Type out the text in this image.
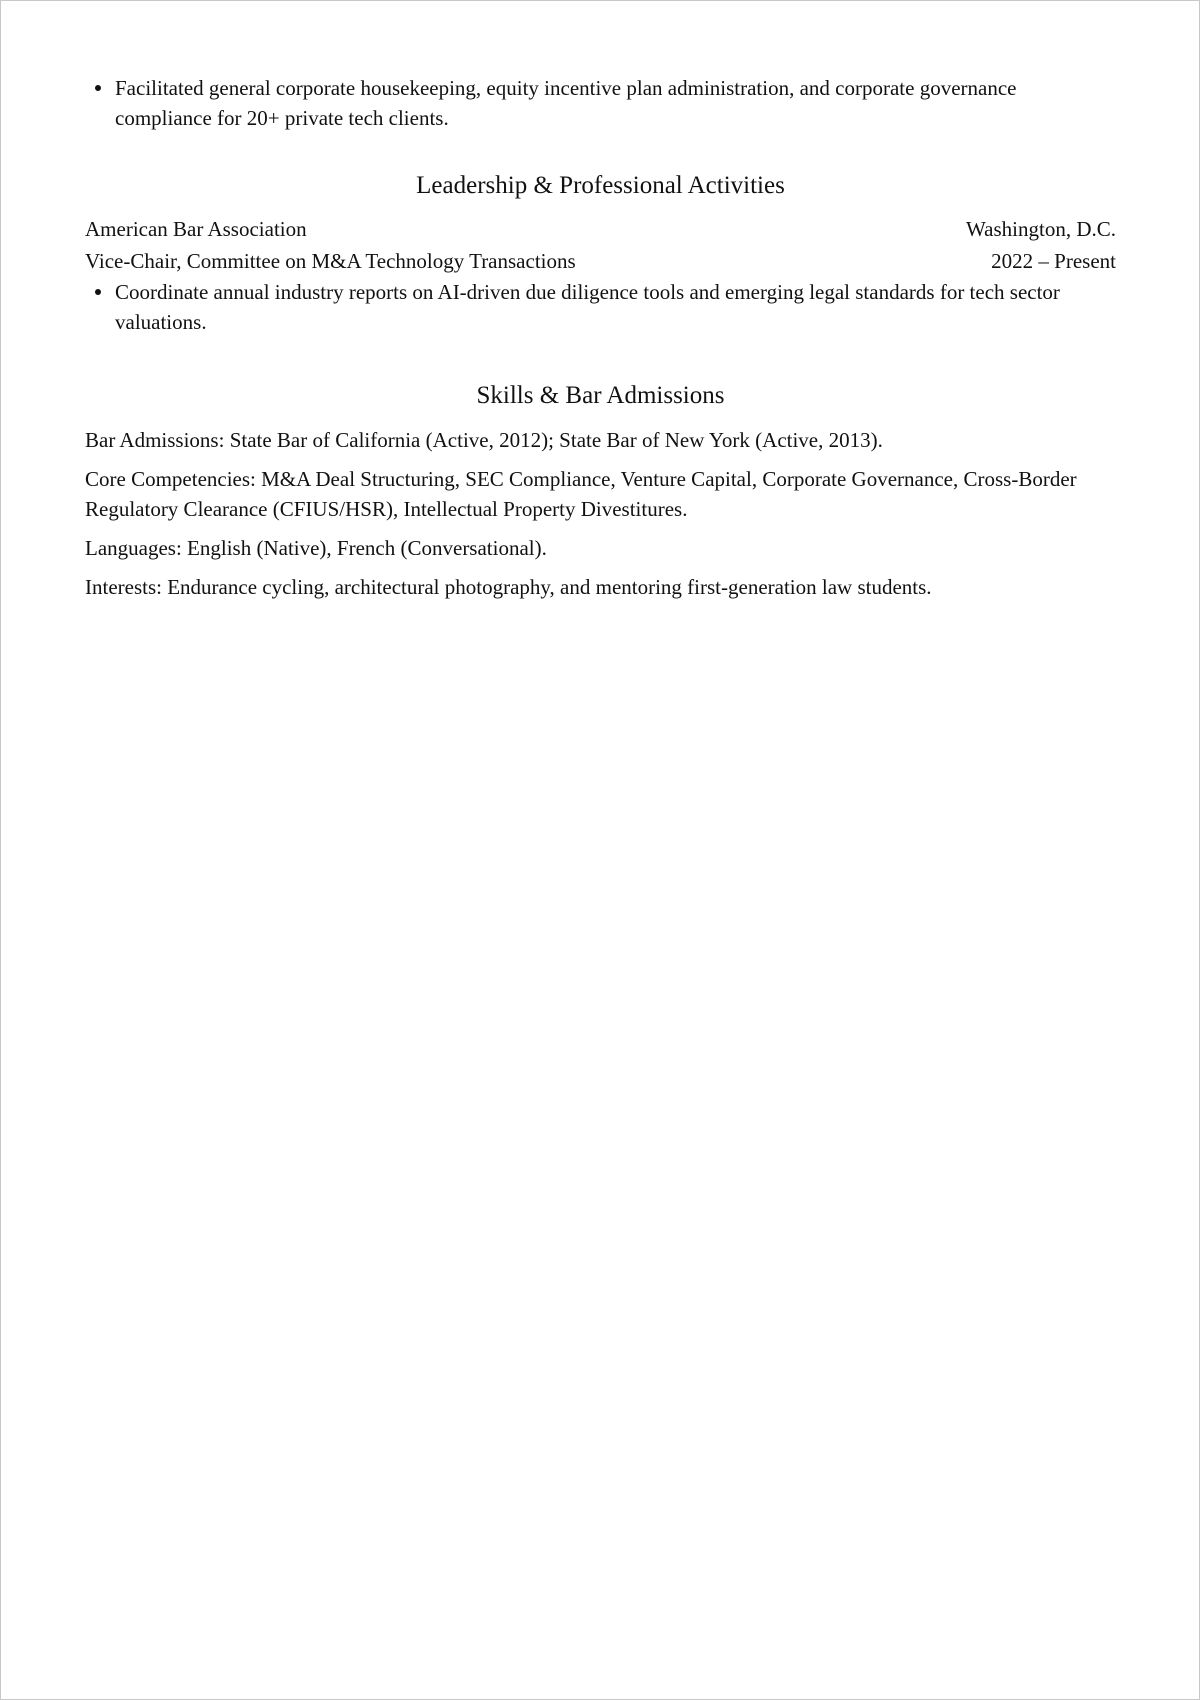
Facilitated general corporate housekeeping, equity incentive plan administration, and corporate governance compliance for 20+ private tech clients.
Leadership & Professional Activities
American Bar Association	Washington, D.C.
Vice-Chair, Committee on M&A Technology Transactions	2022 – Present
Coordinate annual industry reports on AI-driven due diligence tools and emerging legal standards for tech sector valuations.
Skills & Bar Admissions

Bar Admissions: State Bar of California (Active, 2012); State Bar of New York (Active, 2013).

Core Competencies: M&A Deal Structuring, SEC Compliance, Venture Capital, Corporate Governance, Cross-Border Regulatory Clearance (CFIUS/HSR), Intellectual Property Divestitures.

Languages: English (Native), French (Conversational).

Interests: Endurance cycling, architectural photography, and mentoring first-generation law students.
